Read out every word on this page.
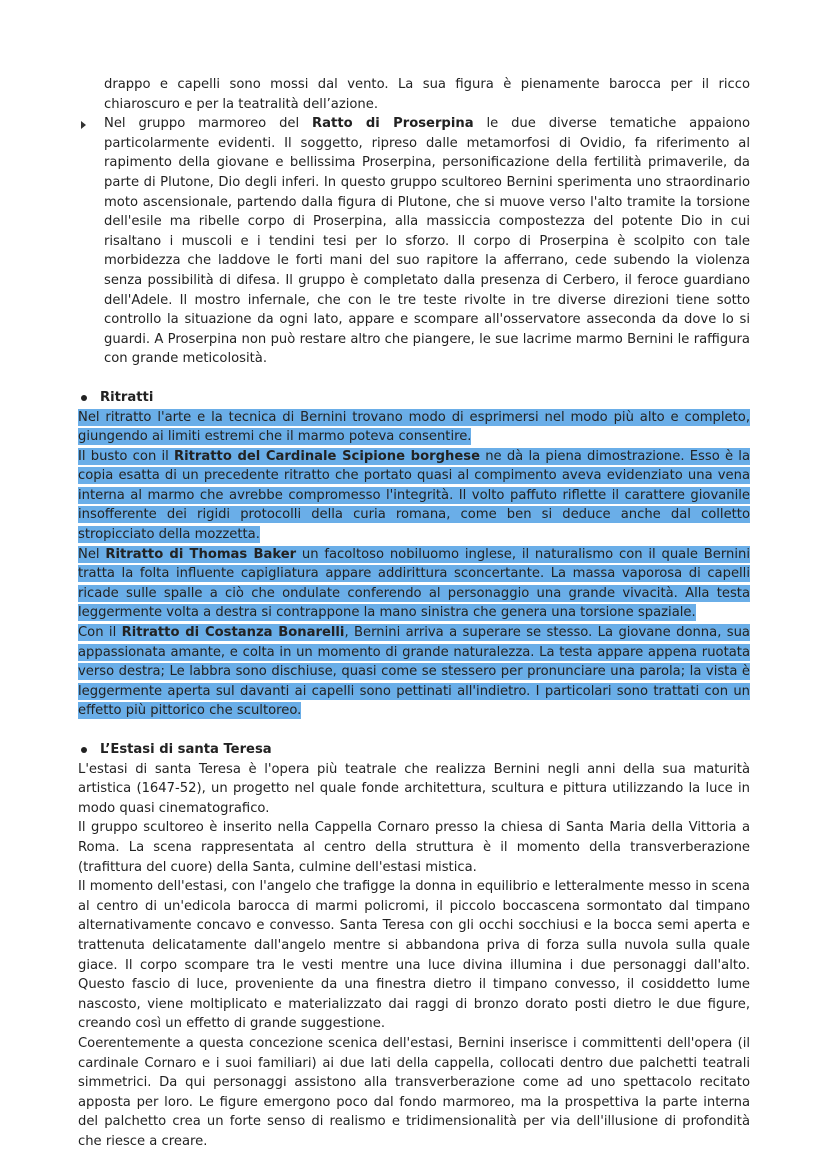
drappo e capelli sono mossi dal vento. La sua figura è pienamente barocca per il ricco chiaroscuro e per la teatralità dell’azione.

Nel gruppo marmoreo del Ratto di Proserpina le due diverse tematiche appaiono particolarmente evidenti. Il soggetto, ripreso dalle metamorfosi di Ovidio, fa riferimento al rapimento della giovane e bellissima Proserpina, personificazione della fertilità primaverile, da parte di Plutone, Dio degli inferi. In questo gruppo scultoreo Bernini sperimenta uno straordinario moto ascensionale, partendo dalla figura di Plutone, che si muove verso l'alto tramite la torsione dell'esile ma ribelle corpo di Proserpina, alla massiccia compostezza del potente Dio in cui risaltano i muscoli e i tendini tesi per lo sforzo. Il corpo di Proserpina è scolpito con tale morbidezza che laddove le forti mani del suo rapitore la afferrano, cede subendo la violenza senza possibilità di difesa. Il gruppo è completato dalla presenza di Cerbero, il feroce guardiano dell'Adele. Il mostro infernale, che con le tre teste rivolte in tre diverse direzioni tiene sotto controllo la situazione da ogni lato, appare e scompare all'osservatore asseconda da dove lo si guardi. A Proserpina non può restare altro che piangere, le sue lacrime marmo Bernini le raffigura con grande meticolosità.

Ritratti

Nel ritratto l'arte e la tecnica di Bernini trovano modo di esprimersi nel modo più alto e completo, giungendo ai limiti estremi che il marmo poteva consentire.

Il busto con il Ritratto del Cardinale Scipione borghese ne dà la piena dimostrazione. Esso è la copia esatta di un precedente ritratto che portato quasi al compimento aveva evidenziato una vena interna al marmo che avrebbe compromesso l'integrità. Il volto paffuto riflette il carattere giovanile insofferente dei rigidi protocolli della curia romana, come ben si deduce anche dal colletto stropicciato della mozzetta.

Nel Ritratto di Thomas Baker un facoltoso nobiluomo inglese, il naturalismo con il quale Bernini tratta la folta influente capigliatura appare addirittura sconcertante. La massa vaporosa di capelli ricade sulle spalle a ciò che ondulate conferendo al personaggio una grande vivacità. Alla testa leggermente volta a destra si contrappone la mano sinistra che genera una torsione spaziale.

Con il Ritratto di Costanza Bonarelli, Bernini arriva a superare se stesso. La giovane donna, sua appassionata amante, e colta in un momento di grande naturalezza. La testa appare appena ruotata verso destra; Le labbra sono dischiuse, quasi come se stessero per pronunciare una parola; la vista è leggermente aperta sul davanti ai capelli sono pettinati all'indietro. I particolari sono trattati con un effetto più pittorico che scultoreo.

L’Estasi di santa Teresa

L'estasi di santa Teresa è l'opera più teatrale che realizza Bernini negli anni della sua maturità artistica (1647-52), un progetto nel quale fonde architettura, scultura e pittura utilizzando la luce in modo quasi cinematografico.

Il gruppo scultoreo è inserito nella Cappella Cornaro presso la chiesa di Santa Maria della Vittoria a Roma. La scena rappresentata al centro della struttura è il momento della transverberazione (trafittura del cuore) della Santa, culmine dell'estasi mistica.

Il momento dell'estasi, con l'angelo che trafigge la donna in equilibrio e letteralmente messo in scena al centro di un'edicola barocca di marmi policromi, il piccolo boccascena sormontato dal timpano alternativamente concavo e convesso. Santa Teresa con gli occhi socchiusi e la bocca semi aperta e trattenuta delicatamente dall'angelo mentre si abbandona priva di forza sulla nuvola sulla quale giace. Il corpo scompare tra le vesti mentre una luce divina illumina i due personaggi dall'alto. Questo fascio di luce, proveniente da una finestra dietro il timpano convesso, il cosiddetto lume nascosto, viene moltiplicato e materializzato dai raggi di bronzo dorato posti dietro le due figure, creando così un effetto di grande suggestione.

Coerentemente a questa concezione scenica dell'estasi, Bernini inserisce i committenti dell'opera (il cardinale Cornaro e i suoi familiari) ai due lati della cappella, collocati dentro due palchetti teatrali simmetrici. Da qui personaggi assistono alla transverberazione come ad uno spettacolo recitato apposta per loro. Le figure emergono poco dal fondo marmoreo, ma la prospettiva la parte interna del palchetto crea un forte senso di realismo e tridimensionalità per via dell'illusione di profondità che riesce a creare.
